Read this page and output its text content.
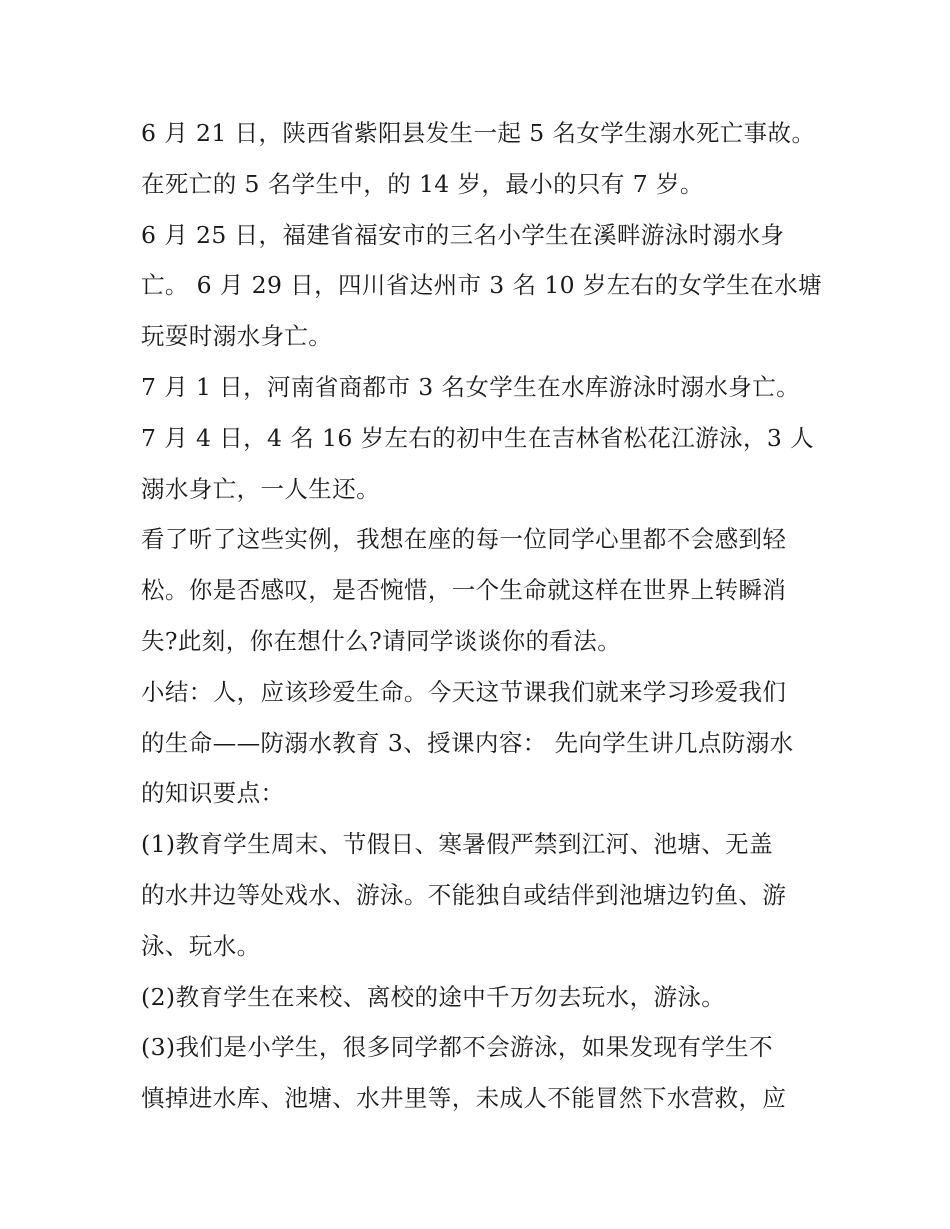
6 月 21 日，陕西省紫阳县发生一起 5 名女学生溺水死亡事故。
在死亡的 5 名学生中，的 14 岁，最小的只有 7 岁。
6 月 25 日，福建省福安市的三名小学生在溪畔游泳时溺水身
亡。 6 月 29 日，四川省达州市 3 名 10 岁左右的女学生在水塘
玩耍时溺水身亡。
7 月 1 日，河南省商都市 3 名女学生在水库游泳时溺水身亡。
7 月 4 日，4 名 16 岁左右的初中生在吉林省松花江游泳，3 人
溺水身亡，一人生还。
看了听了这些实例，我想在座的每一位同学心里都不会感到轻
松。你是否感叹，是否惋惜，一个生命就这样在世界上转瞬消
失?此刻，你在想什么?请同学谈谈你的看法。
小结：人，应该珍爱生命。今天这节课我们就来学习珍爱我们
的生命——防溺水教育 3、授课内容： 先向学生讲几点防溺水
的知识要点：
(1)教育学生周末、节假日、寒暑假严禁到江河、池塘、无盖
的水井边等处戏水、游泳。不能独自或结伴到池塘边钓鱼、游
泳、玩水。
(2)教育学生在来校、离校的途中千万勿去玩水，游泳。
(3)我们是小学生，很多同学都不会游泳，如果发现有学生不
慎掉进水库、池塘、水井里等，未成人不能冒然下水营救，应
